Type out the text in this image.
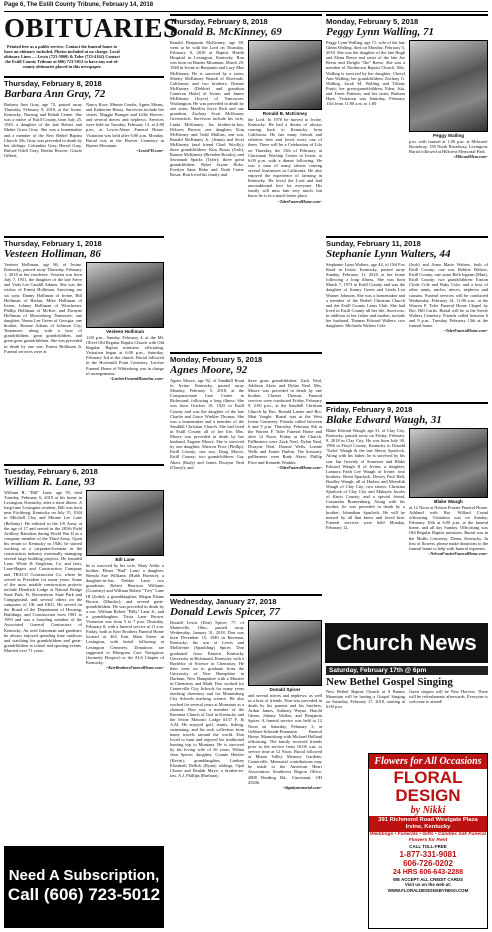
Page 6, The Estill County Tribune, February 14, 2018
OBITUARIES
Printed free as a public service. Contact the funeral home to have an obituary included. Photos included at no charge. Local obituary Lines — Lewis (723-5000) & Toler (723-4162) Contact the Estill County Tribune at 606) 723-5012 to have any out-of-county obituaries placed in this newspaper.
Thursday, February 8, 2018
Barbara Ann Gray, 72
Barbara Ann Gray, age 72, passed away Thursday, February 8, 2018, at the Irvine, Kentucky, Nursing and Rehab Center. She was a native of Estill County, born July 25, 1945, a daughter of the late Robert and Mattie Gross Gray. She was a homemaker and a member of the New Bethel Baptist Church. Ms. Gray was preceded in death by her siblings: Columbus Gray, Hersel Gray, Buford Odell Gray, Bertha Hoover, Gracie Gilbert,
Nancy Rose, Minnie Combs, Agnes Means, and Katherine Henry. Survivors include her sisters, Maggie Branger and Lillie Hoover; and several nieces and nephews. Services were held on Tuesday, February 13, at 2:00 p.m., at Lewis-Abner Funeral Home. Visitation was held after 6:00 p.m. Monday. Burial was in the Hoover Cemetery at Barnes Mountain.
~LewisFH.com~
Thursday, February 1, 2018
Vesteen Holliman, 86
Vesteen Holliman, age 86, of Irvine, Kentucky, passed away Thursday, February 1, 2018 at her residence. Vesteen was born July 7, 1931, the daughter of the late Steve and Vada Lee Caudill Adams. She was the widow of Ernest Holliman. Surviving are six sons: Danny Holliman of Irvine, Bill Holliman of Harlan, Mike Holliman of Irvine, Johnny Holliman of Winchester, Phillip Holliman of McKee, and Dwayne Holliman of Mooresburg Tennessee; one daughter, Venna Lee Green of Georgia; one brother, Ronnie Adams of Johnson City, Tennessee; along with a host of grandchildren, great grandchildren, and great great grandchildren. She was preceded in death by one son, Ernest Holliman Jr. Funeral services were at
Vesteen Holliman
1:00 p.m., Sunday, February 4, at the Mt. Olivet Old Regular Baptist Church with Old Regular Baptist ministers officiating. Visitation began at 6:00 p.m., Saturday, February 3rd at the church. Burial followed in the Horsemill Point Cemetery. Letcher Funeral Home of Whitesburg was in charge of arrangements.
~LetcherFuneralHomeInc.com~
Tuesday, February 6, 2018
William R. Lane, 93
William R. "Bill" Lane, age 93, died Tuesday, February 6, 2018 at his home in Lexington, Kentucky, after a short illness. A long-time Lexington resident, Bill was born near Fitchburg, Kentucky on July 15, 1924 to Mitchell Clay and Minnie Lee Lane (Bellamy). He enlisted in the US Army at the age of 17 and served in the 281th Field Artillery Battalion during World War II as a company member of the Third Army. Upon his return to Kentucky in 1946, he started working as a carpenter/foreman in the construction industry eventually managing several large building projects. He founded Lane, White & Singleton, Co. and later, Lane-Hagert and Construction Company and TRACO Construction Co. where he served as President for many years. Some of the most notable construction projects include Hendrick Lodge at Natural Bridge State Park, Ft. Boonesboro State Park and Campground, and several others on the campuses of UK and EKU. He served on the Board of the Department of Housing, Buildings, and Construction from 1981 to 1993 and was a founding member of the Associated General Contractors of Kentucky. An avid fisherman and gardener, he always enjoyed spending time outdoors and watching his grandchildren and great-grandchildren at school and sporting events. Married over 71 years,
Bill Lane
he is survived by his wife, Mary Arble; a brother, Elmer "Bud" Lane; a daughter, Brenda Sue Williams (Hubb Hornice); a daughter-in-law, Debbie Lane; two grandsons, Robert Harrison Williams (Courtney) and William Robert "Trey" Lane III (Jodie); a granddaughter, Megan Elaine Brown, (Murdoc); and several great-grandchildren. He was preceded in death by a son, William Robert "Billy" Lane Jr., and a granddaughter, Trista Lane Brown. Visitation was from 5 to 7 p.m. Thursday, February 8, with a funeral service at 11 a.m. Friday, both at Kerr Brothers Funeral Home located at 463 East Main Street in Lexington, with burial following at Lexington Cemetery. Donations are suggested to Bluegrass Care Navigators (formerly Hospice) or the ALS Chapter of Kentucky.
~KerrBrothersFuneralHome.com~
Need A Subscription,
Call (606) 723-5012
Thursday, February 8, 2018
Ronald B. McKinney, 69
Ronald Benjamin McKinney, age 69, went to be with the Lord on Thursday, February 8, 2018 at Baptist Health Hospital in Lexington, Kentucky. Ron was born on Barnes Mountain, March 29, 1948 in Irvine to Benjamin and Lucy Mae McKinney. He is survived by a sister, Shirley McKinney Brandt of Riverside, California; and two brothers: Donnie McKinney (Debbie) and grandson Cameron Hoke) of Irvine; and James McKinney (Joyce) of Vancouver, Washington. He was preceded in death by one sister, Marillia Joyce Rich and one grandson, Zachary Scott McKinney Greenwitch. Survivors include his wife, Linda McKinney; his brother-in-law, Delores Brown; one daughter, Kim McKinney and Todd Mullins; one son, Ronald McKinney Jr. (Jenna) and Scott McKinney (and friend Chad Woolly); three grandchildren: Kim Rosas (Josh), Ronnie McKinney (Brenden Brooks), and Savannah Sparks (Tyler); three great grandchildren: Rylee Jayme Hoke, Everlyn Sana Hoke and Noah Carter Rosas. Ron loved his family and
Ronald B. McKinney
the Lord. In 1970 he moved to Irvine, Kentucky. He had a dream of always coming back to Kentucky from California. He has many friends and relatives here and loved every one of them. There will be a Celebration of Life on Thursday, the 15th of February, at Cincinnati Worship Center in Irvine, at 6:00 p.m. with a dinner following. He was a man of many talents coming several businesses in California. He also enjoyed the experience of farming in Kentucky. He loved the Lord and had unconditional love for everyone. His family will miss him very much, but know he is in a much better place.
~TolerFuneralHome.com~
Monday, February 5, 2018
Agnes Moore, 92
Agnes Moore, age 92, of Sandhill Road in Irvine, Kentucky, passed away Monday, February 5, 2018, at the Compassionate Care Center in Richmond, following a long illness. She was born October 18, 1925 in Estill County and was the daughter of the late Charlie and Grace Winkler Thomas. She was a homemaker and a member of the Sandhill Christian Church. She had lived in Estill County all of her life. Mrs. Moore was preceded in death by her husband, Eugene Moore. She is survived by one daughter, Sherron Price (Phillip), Estill County; one son, Doug Moore, Estill County; two grandchildren: Gay Akers (Rudy) and James Dwayne Neal (Cheryl), and
three great grandchildren: Zack Neal, Addison Akers and Dylan Neal. Mrs. Moore was preceded in death by one brother, Chester Thomas. Funeral services were conducted Friday, February 9, 2:00 p.m., at the Sandhill Christian Church by Bro. Ronald Lanter and Bro. Matt Vaught. Burial was at the West Irvine Cemetery. Friends called between 6 and 9 p.m. Thursday, February 8th at the Warren F. Toler Funeral Home and after 12 Noon, Friday at the Church. Pallbearers were Zack Neal, Dylan Neal, Dwayne Neal, Donnie Wells, Lonnie Wells and Jeanie Durbin. The honorary pallbearers were Rudy Akers, Phillip Price and Kenneth Winkler.
~TolerFuneralHome.com~
Wednesday, January 27, 2018
Donald Lewis Spicer, 77
Donald Lewis (Don) Spicer, 77, of Maineville, Ohio, passed away Wednesday, January 31, 2018. Don was born December 15, 1940 in Ravenna, Kentucky, the son of Lewis and Mollievine (Spaulding) Spicer. Don graduated from Eastern Kentucky University in Richmond, Kentucky with a Bachelor of Science in Chemistry. He then went on to graduate from the University of New Hampshire in Durham, New Hampshire with a Masters in Chemistry and Math. Don worked for Centerville City Schools for many years teaching chemistry and for Miamisburg City Schools teaching science. He also worked for several years at Monsanto as a chemist. Don was a member of the Ravenna Church of God in Kentucky and the Irvine Masonic Lodge #137 F. & A.M. He enjoyed golf, tennis, fishing, swimming, and his rock collection from many travels around the world. Don loved to hunt and enjoyed his traditional hunting trip to Montana. He is survived by his loving wife of 56 years, Wilma Jean Spicer; daughter, Connie Hetzler (Kevin); granddaughter, Lindsey Elizabeth Dellick (Ryan); siblings, Opal Clouse and Beulah Maye; a brother-in-law, A.J. Phillips (Barbara);
Donald Spicer
and several nieces and nephews; as well as a host of friends. Don was preceded in death by his parents and his brothers, Arthur James, Anthony Wayne, Harold Glenn, Johnny Walker, and Benjamin Spicer. A funeral service was held at 12 Noon on Saturday, February 3, at Gebhart-Schmidt-Prarmann Funeral Home, Miamisburg with Michael Holland officiating. The family received friends prior to the service from 10:00 a.m. to service time at 12 Noon. Burial followed at Miami Valley Memory Gardens, Centerville. Memorial contributions may be made to the American Heart Association, Southwest Region Office, 2808 Reading Rd., Cincinnati, OH 45206.
~dignitymemorial.com~
Monday, February 5, 2018
Peggy Lynn Walling, 71
Peggy Lynn Walling, age 71, wife of the late Glenn Walling, died on Monday, February 5, 2018. She was the daughter of the late Hugh and Elena Reese and sister of the late Joe Reese and Dwight "Ike" Reese. She was a member of Northtown Baptist Church. Mrs. Walling is survived by her daughter, Cheryl Ann Walling; her grandchildren, Zachary G. Walling, Jacob M. Walling and Tiffany Pruitt; her great-grandchildren, Eden, Isla, and Truett Pattison; and her sister, Barbara Hunt. Visitation was Saturday, February 11th from 11:00 a.m. to 1:00
Peggy Walling
p.m. with funeral at 1:00 p.m. at Milward-Broadway, 159 North Broadway, Lexington. Burial followed at Hillcrest Memorial Park.
~MilwardMem.com~
Sunday, February 11, 2018
Stephanie Lynn Walters, 44
Stephanie Lynn Walters, age 44, of Old Fox Road in Irvine, Kentucky, passed away Sunday, February 11, 2018, at her home following a long illness. She was born March 7, 1973 in Estill County and was the daughter of Jimmy Green and Linda Lou Warner Johnson. She was a homemaker and a member of the Bethel Christian Church and the Estill County Lions Club. She had lived in Estill County all her life. Survivors, in addition to her father and mother, include her husband, Thomas Edward Walters; two daughters: Michaela Walters Cole
(Josh) and Anna Marie Walters, both of Estill County; one son, Robbie Walters, Estill County; one sister Beth Ingram (Matt), Estill County; two grandchildren: Easton Clyde Cole and Baby Cole; and a host of other aunts, uncles, nieces, nephews and cousins. Funeral services will be conducted Wednesday, February 14, 11:00 a.m., at the Warren F. Toler Funeral Home Chapel by Bro. Bill Curtis. Burial will be at the Stevie Walters Cemetery. Friends called between 6 and 9 p.m., Tuesday, February 13th at the funeral home.
~TolerFuneralHome.com~
Friday, February 9, 2018
Blake Edward Waugh, 31
Blake Edward Waugh, age 31, of Clay City, Kentucky, passed away on Friday, February 9, 2018 in Clay City. He was born July 30, 1986 in Floyd County, Kentucky to Donald 'Tudor' Waugh & the late Sherry Spurlock. Along with his father, he is survived by his son: Ian Greenly of Somerset and Blake Edward Waugh II of Irvine; a daughter, Lannora Faith Lee Waugh of Irvine; four brothers: Brent Spurlock, Dewey Paul Hall, Bradley Waugh, all of Harlan; and Meredith Waugh of Clay City; two sisters: Christina Spurlock of Clay City and Makayla Jacobs of Knott County; and a special friend, Cassandra Bransenburg. Along with his mother, he was preceded in death by a brother, Johnathan Spurlock. He will be missed by all that knew and loved him. Funeral services were held Monday, February 12,
Blake Waugh
at 12 Noon at Nelson Frazier Funeral Home, Ashland with Bro. Willard Cozad officiating. Visitation was on Sunday, February 10th at 6:00 p.m. at the funeral home, and all day Sunday. Officiating was Old Regular Baptist ministers. Burial was in the Mullis Cemetery, Dema, Kentucky. In lieu of flowers, please make donations to the funeral home to help with funeral expenses.
~NelsonFrazierFuneralHome.com~
Church News
Saturday, February 17th @ 6pm
New Bethel Gospel Singing
New Bethel Baptist Church at 9 Barnes Mountain will be having a Gospel Singing on Saturday, February 17, 2018, starting at 6:00 p.m.
Guest singers will be New Harvest. There will be refreshments afterwards. Everyone is welcome to attend!
Flowers for All Occasions
FLORAL DESIGN
by Nikki
391 Richmond Road Westgate Plaza Irvine, Kentucky
Weddings • Funerals • Gifts • Candles Silk Funeral Flowers for Rent
CALL TOLL-FREE
1-877-331-9081
606-726-0202
24 HRS 606-643-2288
WE ACCEPT ALL CREDIT CARDS
Visit us on the web at: WWW.FLORALDESIGNSBYNIKKI.COM
